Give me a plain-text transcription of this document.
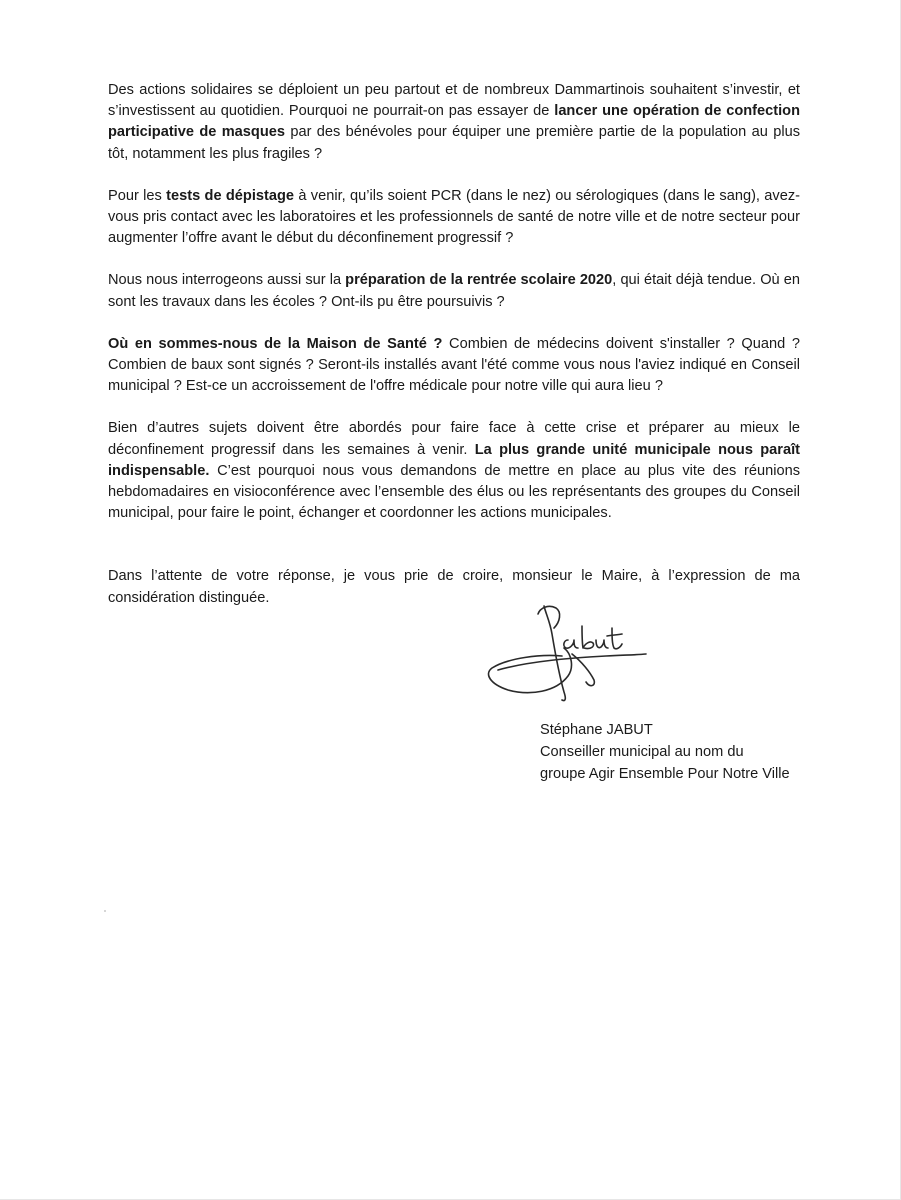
Des actions solidaires se déploient un peu partout et de nombreux Dammartinois souhaitent s’investir, et s’investissent au quotidien. Pourquoi ne pourrait-on pas essayer de lancer une opération de confection participative de masques par des bénévoles pour équiper une première partie de la population au plus tôt, notamment les plus fragiles ?

Pour les tests de dépistage à venir, qu’ils soient PCR (dans le nez) ou sérologiques (dans le sang), avez-vous pris contact avec les laboratoires et les professionnels de santé de notre ville et de notre secteur pour augmenter l’offre avant le début du déconfinement progressif ?

Nous nous interrogeons aussi sur la préparation de la rentrée scolaire 2020, qui était déjà tendue. Où en sont les travaux dans les écoles ? Ont-ils pu être poursuivis ?

Où en sommes-nous de la Maison de Santé ? Combien de médecins doivent s'installer ? Quand ? Combien de baux sont signés ? Seront-ils installés avant l'été comme vous nous l'aviez indiqué en Conseil municipal ? Est-ce un accroissement de l'offre médicale pour notre ville qui aura lieu ?

Bien d’autres sujets doivent être abordés pour faire face à cette crise et préparer au mieux le déconfinement progressif dans les semaines à venir. La plus grande unité municipale nous paraît indispensable. C’est pourquoi nous vous demandons de mettre en place au plus vite des réunions hebdomadaires en visioconférence avec l’ensemble des élus ou les représentants des groupes du Conseil municipal, pour faire le point, échanger et coordonner les actions municipales.

Dans l’attente de votre réponse, je vous prie de croire, monsieur le Maire, à l’expression de ma considération distinguée.

Stéphane JABUT
Conseiller municipal au nom du
groupe Agir Ensemble Pour Notre Ville
